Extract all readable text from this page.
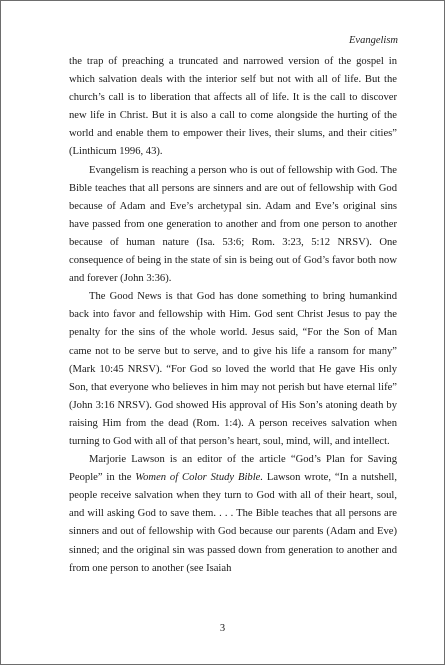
Evangelism

the trap of preaching a truncated and narrowed version of the gospel in which salvation deals with the interior self but not with all of life. But the church’s call is to liberation that affects all of life. It is the call to discover new life in Christ. But it is also a call to come alongside the hurting of the world and enable them to empower their lives, their slums, and their cities” (Linthicum 1996, 43).

Evangelism is reaching a person who is out of fellowship with God. The Bible teaches that all persons are sinners and are out of fellowship with God because of Adam and Eve’s archetypal sin. Adam and Eve’s original sins have passed from one generation to another and from one person to another because of human nature (Isa. 53:6; Rom. 3:23, 5:12 NRSV). One consequence of being in the state of sin is being out of God’s favor both now and forever (John 3:36).

The Good News is that God has done something to bring humankind back into favor and fellowship with Him. God sent Christ Jesus to pay the penalty for the sins of the whole world. Jesus said, “For the Son of Man came not to be serve but to serve, and to give his life a ransom for many” (Mark 10:45 NRSV). “For God so loved the world that He gave His only Son, that everyone who believes in him may not perish but have eternal life” (John 3:16 NRSV). God showed His approval of His Son’s atoning death by raising Him from the dead (Rom. 1:4). A person receives salvation when turning to God with all of that person’s heart, soul, mind, will, and intellect.

Marjorie Lawson is an editor of the article “God’s Plan for Saving People” in the Women of Color Study Bible. Lawson wrote, “In a nutshell, people receive salvation when they turn to God with all of their heart, soul, and will asking God to save them. . . . The Bible teaches that all persons are sinners and out of fellowship with God because our parents (Adam and Eve) sinned; and the original sin was passed down from generation to another and from one person to another (see Isaiah

3
